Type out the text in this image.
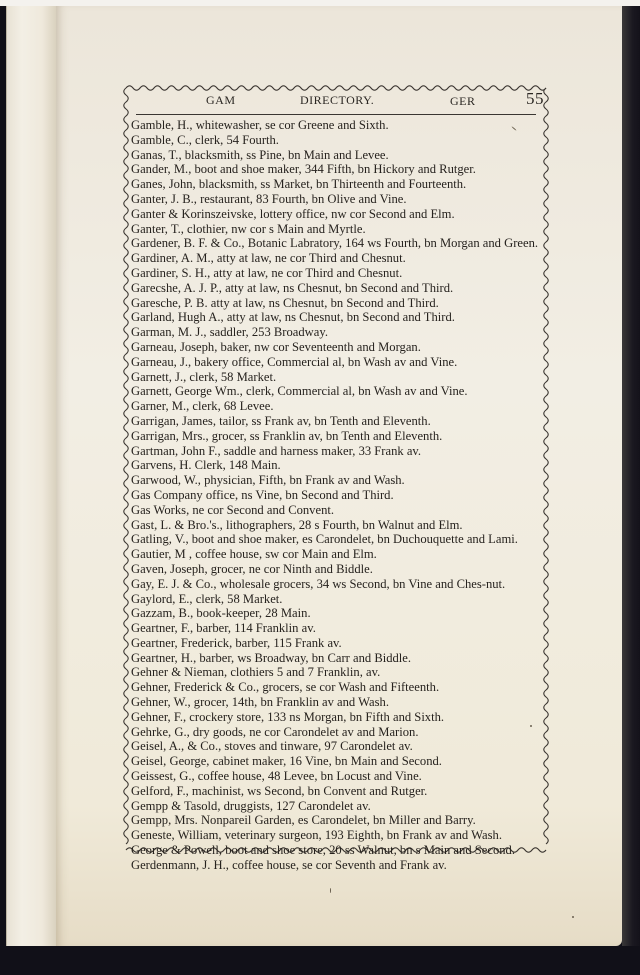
GAM	DIRECTORY.	GER	55

Gamble, H., whitewasher, se cor Greene and Sixth.

Gamble, C., clerk, 54 Fourth.

Ganas, T., blacksmith, ss Pine, bn Main and Levee.

Gander, M., boot and shoe maker, 344 Fifth, bn Hickory and Rutger.

Ganes, John, blacksmith, ss Market, bn Thirteenth and Fourteenth.

Ganter, J. B., restaurant, 83 Fourth, bn Olive and Vine.

Ganter & Korinszeivske, lottery office, nw cor Second and Elm.

Ganter, T., clothier, nw cor s Main and Myrtle.

Gardener, B. F. & Co., Botanic Labratory, 164 ws Fourth, bn Morgan and Green.

Gardiner, A. M., atty at law, ne cor Third and Chesnut.

Gardiner, S. H., atty at law, ne cor Third and Chesnut.

Garecshe, A. J. P., atty at law, ns Chesnut, bn Second and Third.

Garesche, P. B. atty at law, ns Chesnut, bn Second and Third.

Garland, Hugh A., atty at law, ns Chesnut, bn Second and Third.

Garman, M. J., saddler, 253 Broadway.

Garneau, Joseph, baker, nw cor Seventeenth and Morgan.

Garneau, J., bakery office, Commercial al, bn Wash av and Vine.

Garnett, J., clerk, 58 Market.

Garnett, George Wm., clerk, Commercial al, bn Wash av and Vine.

Garner, M., clerk, 68 Levee.

Garrigan, James, tailor, ss Frank av, bn Tenth and Eleventh.

Garrigan, Mrs., grocer, ss Franklin av, bn Tenth and Eleventh.

Gartman, John F., saddle and harness maker, 33 Frank av.

Garvens, H. Clerk, 148 Main.

Garwood, W., physician, Fifth, bn Frank av and Wash.

Gas Company office, ns Vine, bn Second and Third.

Gas Works, ne cor Second and Convent.

Gast, L. & Bro.'s., lithographers, 28 s Fourth, bn Walnut and Elm.

Gatling, V., boot and shoe maker, es Carondelet, bn Duchouquette and Lami.

Gautier, M , coffee house, sw cor Main and Elm.

Gaven, Joseph, grocer, ne cor Ninth and Biddle.

Gay, E. J. & Co., wholesale grocers, 34 ws Second, bn Vine and Ches-nut.

Gaylord, E., clerk, 58 Market.

Gazzam, B., book-keeper, 28 Main.

Geartner, F., barber, 114 Franklin av.

Geartner, Frederick, barber, 115 Frank av.

Geartner, H., barber, ws Broadway, bn Carr and Biddle.

Gehner & Nieman, clothiers 5 and 7 Franklin, av.

Gehner, Frederick & Co., grocers, se cor Wash and Fifteenth.

Gehner, W., grocer, 14th, bn Franklin av and Wash.

Gehner, F., crockery store, 133 ns Morgan, bn Fifth and Sixth.

Gehrke, G., dry goods, ne cor Carondelet av and Marion.

Geisel, A., & Co., stoves and tinware, 97 Carondelet av.

Geisel, George, cabinet maker, 16 Vine, bn Main and Second.

Geissest, G., coffee house, 48 Levee, bn Locust and Vine.

Gelford, F., machinist, ws Second, bn Convent and Rutger.

Gempp & Tasold, druggists, 127 Carondelet av.

Gempp, Mrs. Nonpareil Garden, es Carondelet, bn Miller and Barry.

Geneste, William, veterinary surgeon, 193 Eighth, bn Frank av and Wash.

George & Powell, boot and shoe store, 20 ss Walnut, bn s Main and Second.

Gerdenmann, J. H., coffee house, se cor Seventh and Frank av.
